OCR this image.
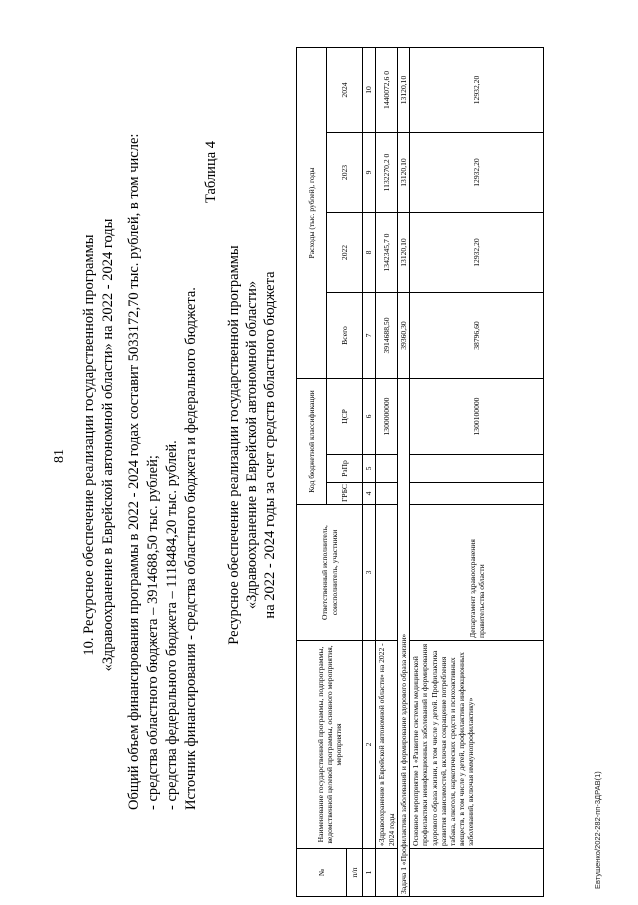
81 10. Ресурсное обеспечение реализации государственной программы «Здравоохранение в Еврейской автономной области» на 2022 - 2024 годы Общий объем финансирования программы в 2022 - 2024 годах составит 5033172,70 тыс. рублей, в том числе: - средства областного бюджета – 3914688,50 тыс. рублей; - средства федерального бюджета – 1118484,20 тыс. рублей. Источник финансирования - средства областного бюджета и федерального бюджета.
Таблица 4
Ресурсное обеспечение реализации государственной программы «Здравоохранение в Еврейской автономной области» на 2022 - 2024 годы за счет средств областного бюджета
№	Наименование государственной программы, подпрограммы, ведомственной целевой программы, основного мероприятия, мероприятия	Ответственный исполнитель, соисполнитель, участники	Код бюджетной классификации			Расходы (тыс. рублей), годы			
			ГРБС	РзПр	ЦСР	Всего	2022	2023	2024
п/п									
1	2	3	4	5	6	7	8	9	10
	«Здравоохранение в Еврейской автономной области» на 2022 - 2024 годы				1300000000	3914688,50	1342345,7 0	1132270,2 0	1440072,6 0
Задача 1 «Профилактика заболеваний и формирование здорового образа жизни»						39360,30	13120,10	13120,10	13120,10
	Основное мероприятие 1 «Развитие системы медицинской профилактики неинфекционных заболеваний и формирования здорового образа жизни, в том числе у детей. Профилактика развития зависимостей, включая сокращение потребления табака, алкоголя, наркотических средств и психоактивных веществ, в том числе у детей, профилактика инфекционных заболеваний, включая иммунопрофилактику»	Департамент здравоохранения правительства области			1300100000	38796,60	12932,20	12932,20	12932,20
Евтушенко/2022-282-пп-3ДРАВ(1)
